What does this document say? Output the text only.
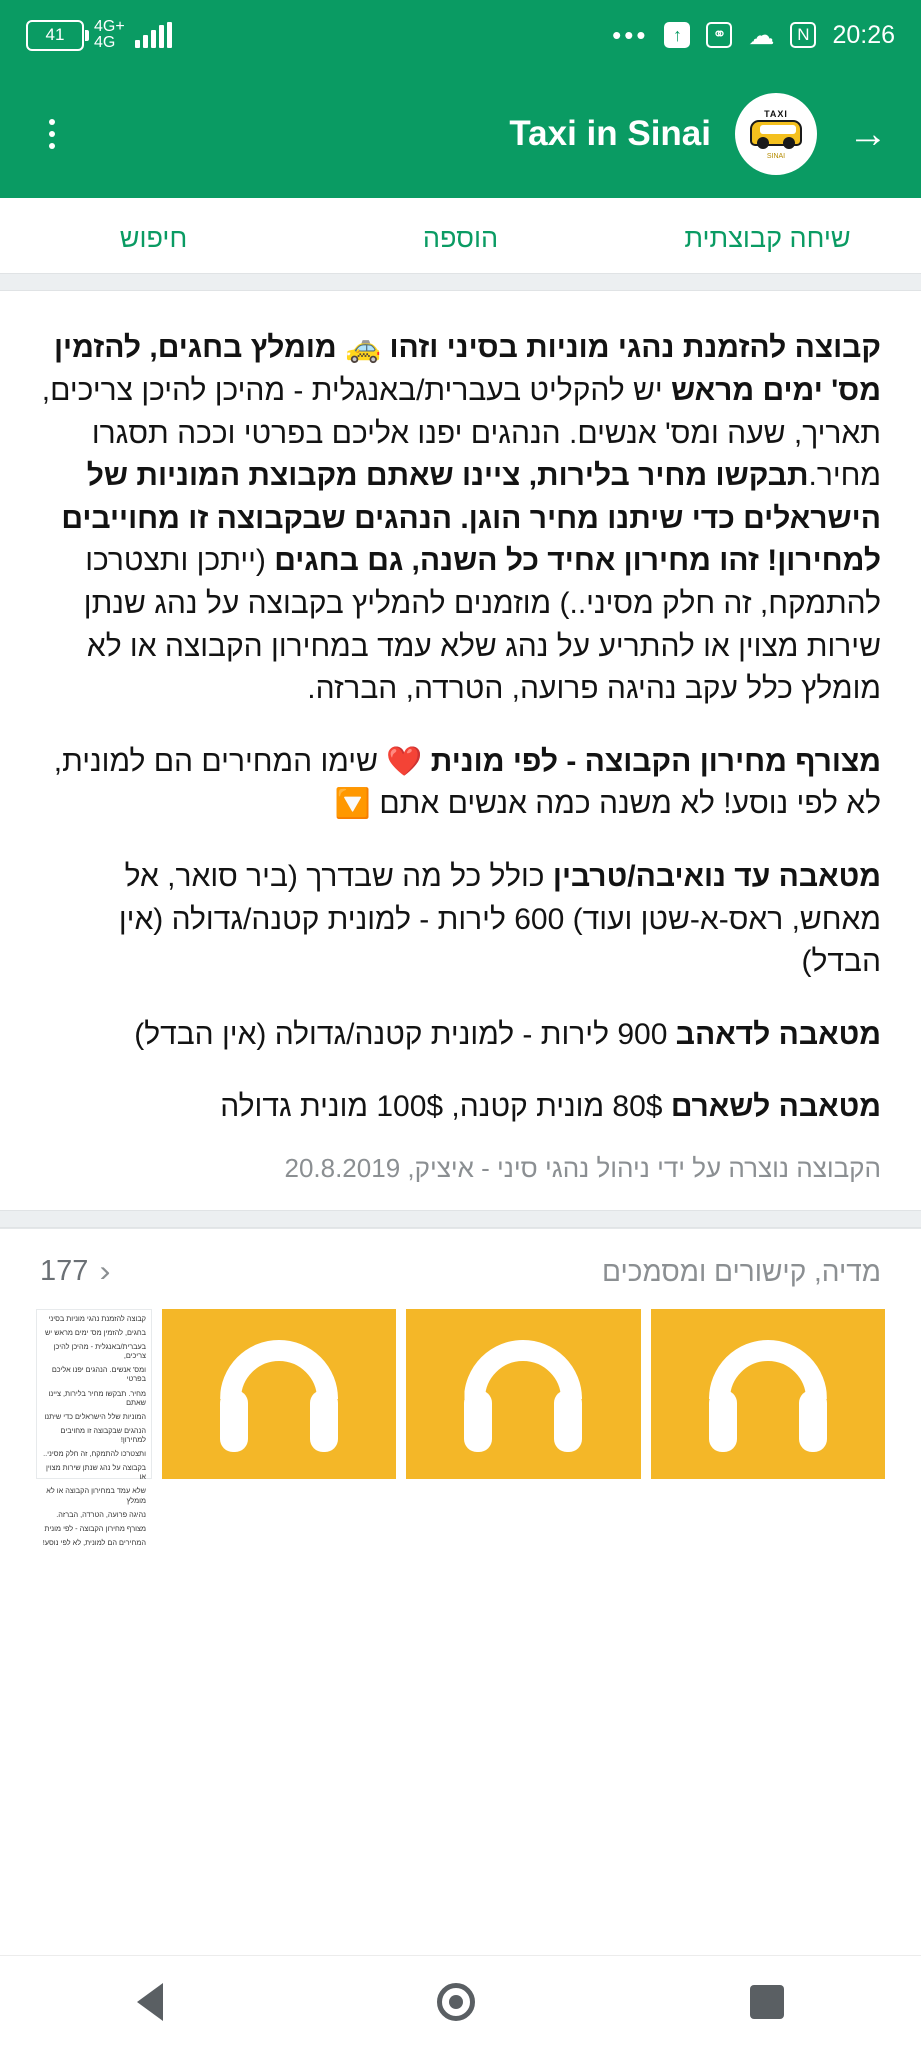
41 4G+
4G	•••	↑	⚭ ☁	N 20:26
Taxi in Sinai
TAXI
SINAI →
חיפוש	הוספה	שיחה קבוצתית

קבוצה להזמנת נהגי מוניות בסיני וזהו 🚕 מומלץ בחגים, להזמין מס' ימים מראש יש להקליט בעברית/באנגלית - מהיכן להיכן צריכים, תאריך, שעה ומס' אנשים. הנהגים יפנו אליכם בפרטי וככה תסגרו מחיר.תבקשו מחיר בלירות, ציינו שאתם מקבוצת המוניות של הישראלים כדי שיתנו מחיר הוגן. הנהגים שבקבוצה זו מחוייבים למחירון! זהו מחירון אחיד כל השנה, גם בחגים (ייתכן ותצטרכו להתמקח, זה חלק מסיני..) מוזמנים להמליץ בקבוצה על נהג שנתן שירות מצוין או להתריע על נהג שלא עמד במחירון הקבוצה או לא מומלץ כלל עקב נהיגה פרועה, הטרדה, הברזה.

מצורף מחירון הקבוצה - לפי מונית ❤️ שימו המחירים הם למונית, לא לפי נוסע! לא משנה כמה אנשים אתם 🔽

מטאבה עד נואיבה/טרבין כולל כל מה שבדרך (ביר סואר, אל מאחש, ראס-א-שטן ועוד) 600 לירות - למונית קטנה/גדולה (אין הבדל)

מטאבה לדאהב 900 לירות - למונית קטנה/גדולה (אין הבדל)

מטאבה לשארם 80$ מונית קטנה, 100$ מונית גדולה

הקבוצה נוצרה על ידי ניהול נהגי סיני - איציק, 20.8.2019
מדיה, קישורים ומסמכים
‹
177

קבוצה להזמנת נהגי מוניות בסיני

בחגים, להזמין מס' ימים מראש יש

בעברית/באנגלית - מהיכן להיכן צריכים,

ומס' אנשים. הנהגים יפנו אליכם בפרטי

מחיר. תבקשו מחיר בלירות, ציינו שאתם

המוניות שלל הישראלים כדי שיתנו

הנהגים שבקבוצה זו מחויבים למחירון!

ותצטרכו להתמקח, זה חלק מסיני..

בקבוצה על נהג שנתן שירות מצוין או

שלא עמד במחירון הקבוצה או לא מומלץ

נהיגה פרועה, הטרדה, הברזה.

מצורף מחירון הקבוצה - לפי מונית

המחירים הם למונית, לא לפי נוסע!
